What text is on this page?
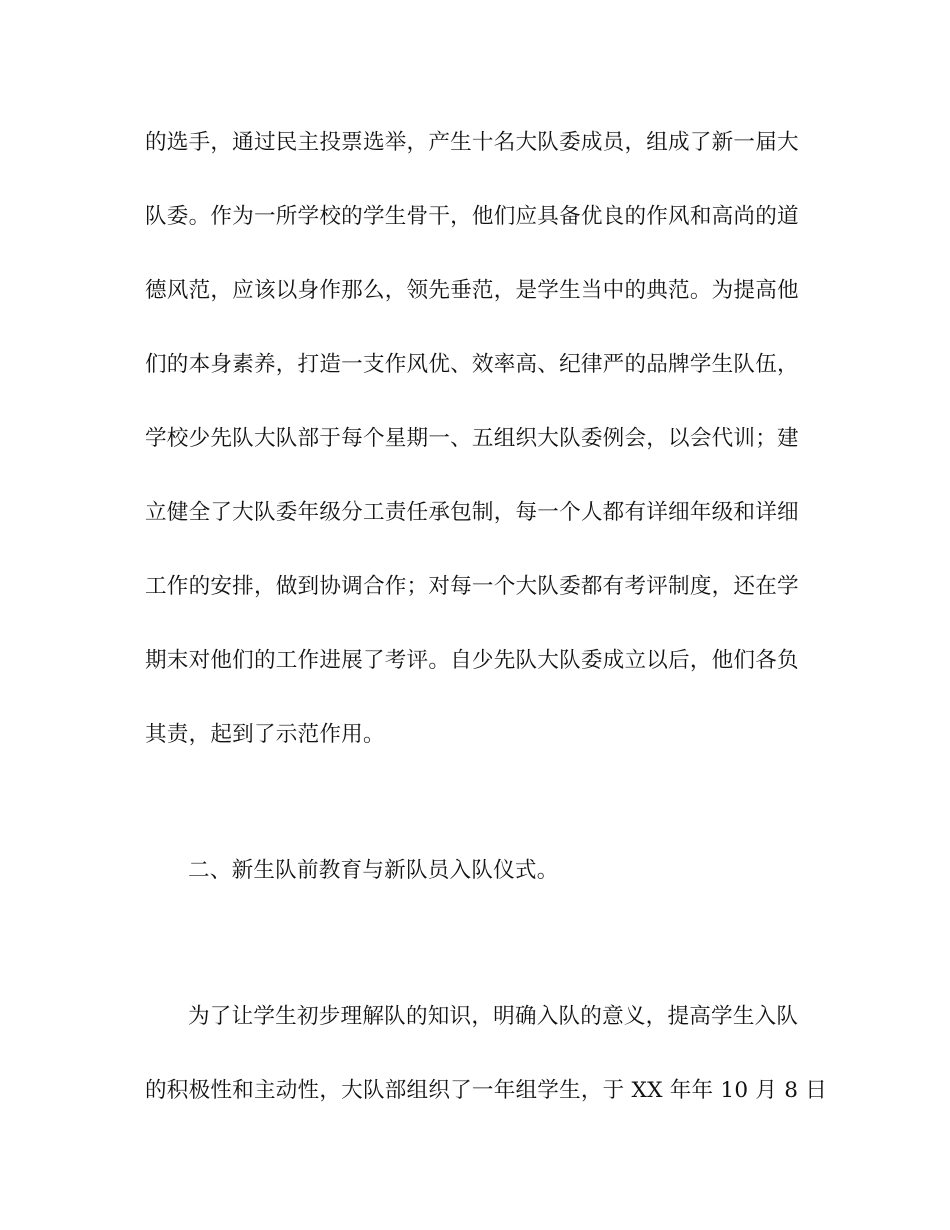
的选手，通过民主投票选举，产生十名大队委成员，组成了新一届大
队委。作为一所学校的学生骨干，他们应具备优良的作风和高尚的道
德风范，应该以身作那么，领先垂范，是学生当中的典范。为提高他
们的本身素养，打造一支作风优、效率高、纪律严的品牌学生队伍，
学校少先队大队部于每个星期一、五组织大队委例会，以会代训；建
立健全了大队委年级分工责任承包制，每一个人都有详细年级和详细
工作的安排，做到协调合作；对每一个大队委都有考评制度，还在学
期末对他们的工作进展了考评。自少先队大队委成立以后，他们各负
其责，起到了示范作用。
二、新生队前教育与新队员入队仪式。
为了让学生初步理解队的知识，明确入队的意义，提高学生入队
的积极性和主动性，大队部组织了一年组学生，于 XX 年年 10 月 8 日
